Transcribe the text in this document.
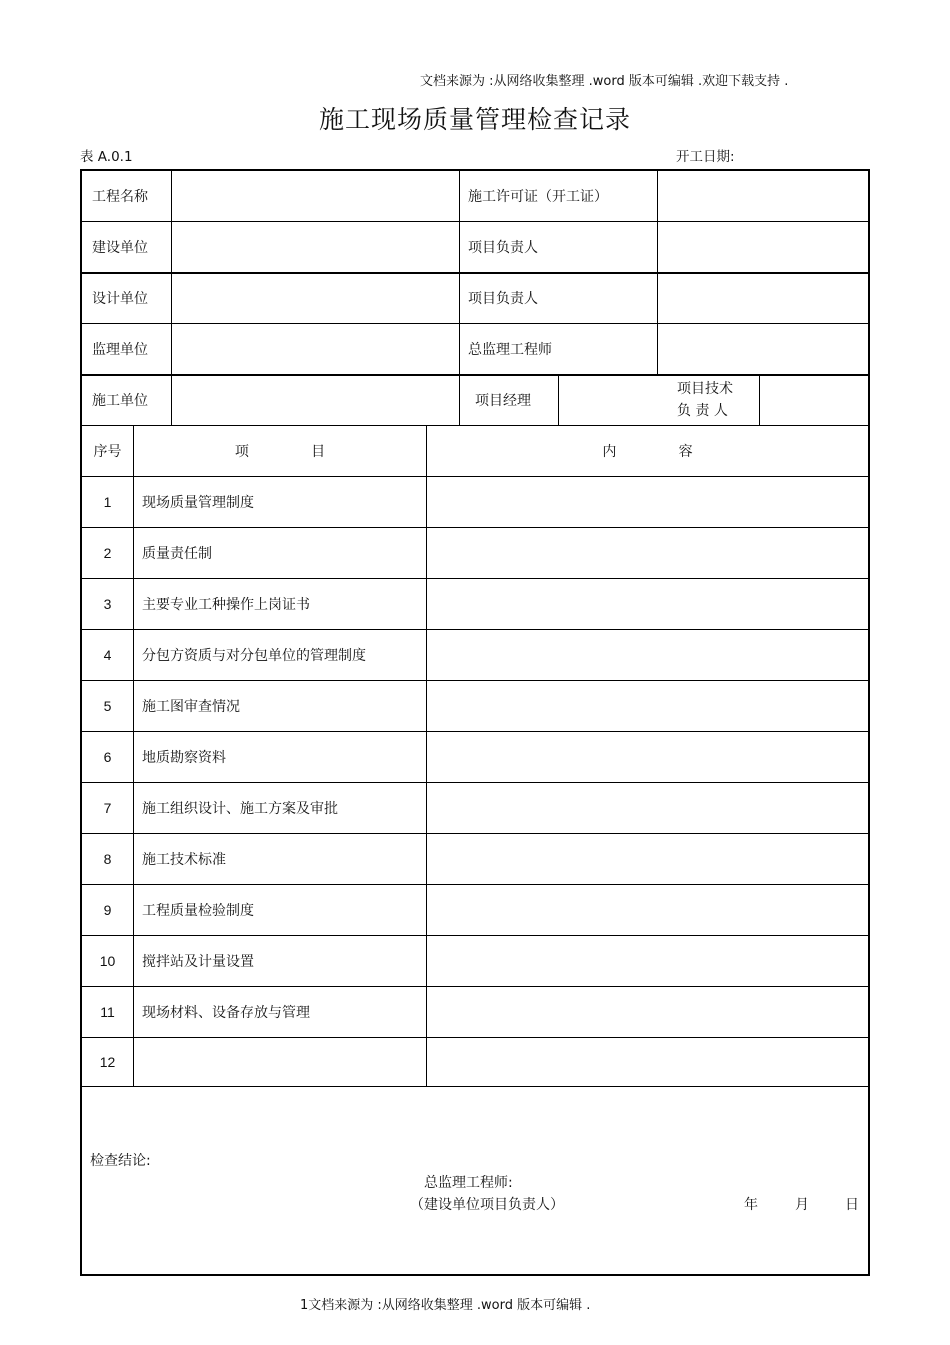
文档来源为 :从网络收集整理 .word 版本可编辑 .欢迎下载支持 .
施工现场质量管理检查记录
表 A.0.1	开工日期:
工程名称	施工许可证（开工证）
建设单位	项目负责人
设计单位	项目负责人
监理单位	总监理工程师
施工单位	项目经理
项目技术
负 责 人
序号	项              目	内              容
1	现场质量管理制度
2	质量责任制
3	主要专业工种操作上岗证书
4	分包方资质与对分包单位的管理制度
5	施工图审查情况
6	地质勘察资料
7	施工组织设计、施工方案及审批
8	施工技术标准
9	工程质量检验制度
10	搅拌站及计量设置
11	现场材料、设备存放与管理
12
检查结论:
总监理工程师:
（建设单位项目负责人）	年	月	日
1文档来源为 :从网络收集整理 .word 版本可编辑 .
